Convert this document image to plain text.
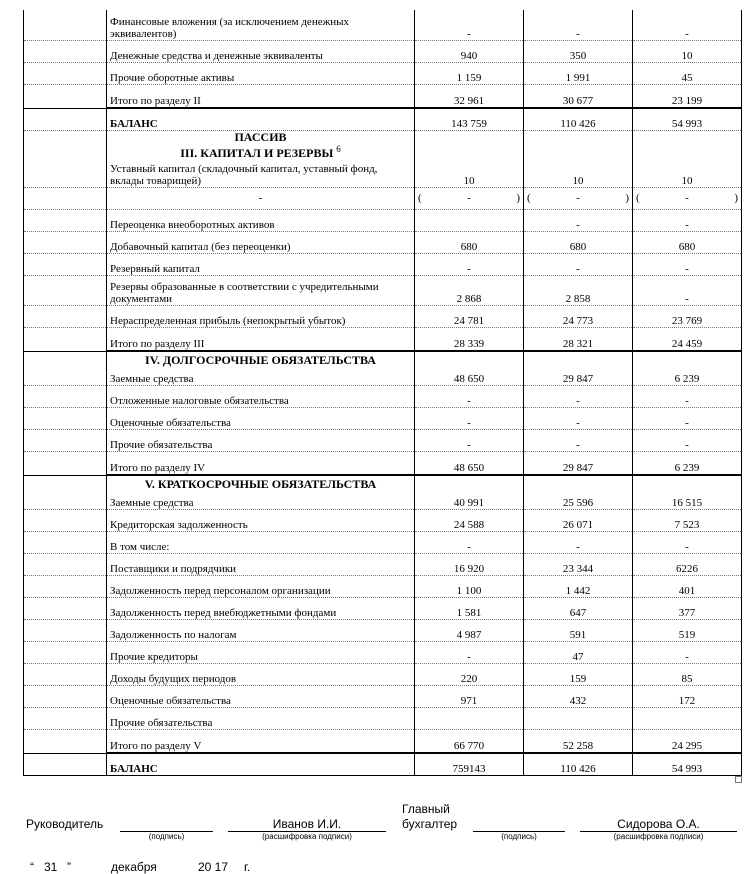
	Финансовые вложения (за исключением денежных эквивалентов)	-	-	-
	Денежные средства и денежные эквиваленты	940	350	10
	Прочие оборотные активы	1 159	1 991	45
	Итого по разделу II	32 961	30 677	23 199
	БАЛАНС	143 759	110 426	54 993

	ПАССИВ
III. КАПИТАЛ И РЕЗЕРВЫ $^6$
Уставный капитал (складочный капитал, уставный фонд, вклады товарищей)	10	10	10
	-	( - )	( - )	( - )

	Переоценка внеоборотных активов		-	-
	Добавочный капитал (без переоценки)	680	680	680
	Резервный капитал	-	-	-
	Резервы образованные в соответствии с учредительными документами	2 868	2 858	-
	Нераспределенная прибыль (непокрытый убыток)	24 781	24 773	23 769
	Итого по разделу III	28 339	28 321	24 459

	IV. ДОЛГОСРОЧНЫЕ ОБЯЗАТЕЛЬСТВА
Заемные средства	48 650	29 847	6 239
	Отложенные налоговые обязательства	-	-	-
	Оценочные обязательства	-	-	-
	Прочие обязательства	-	-	-
	Итого по разделу IV	48 650	29 847	6 239

	V. КРАТКОСРОЧНЫЕ ОБЯЗАТЕЛЬСТВА
Заемные средства	40 991	25 596	16 515
	Кредиторская задолженность	24 588	26 071	7 523
	В том числе:	-	-	-
	Поставщики и подрядчики	16 920	23 344	6226
	Задолженность перед персоналом организации	1 100	1 442	401
	Задолженность перед внебюджетными фондами	1 581	647	377
	Задолженность по налогам	4 987	591	519
	Прочие кредиторы	-	47	-
	Доходы будущих периодов	220	159	85
	Оценочные обязательства	971	432	172
	Прочие обязательства			
	Итого по разделу V	66 770	52 258	24 295
	БАЛАНС	759143	110 426	54 993
Руководитель
(подпись)
Иванов И.И.
(расшифровка подписи)
Главный
бухгалтер
(подпись)
Сидорова О.А.
(расшифровка подписи)
“ 31 ”	декабря	20 17 г.
